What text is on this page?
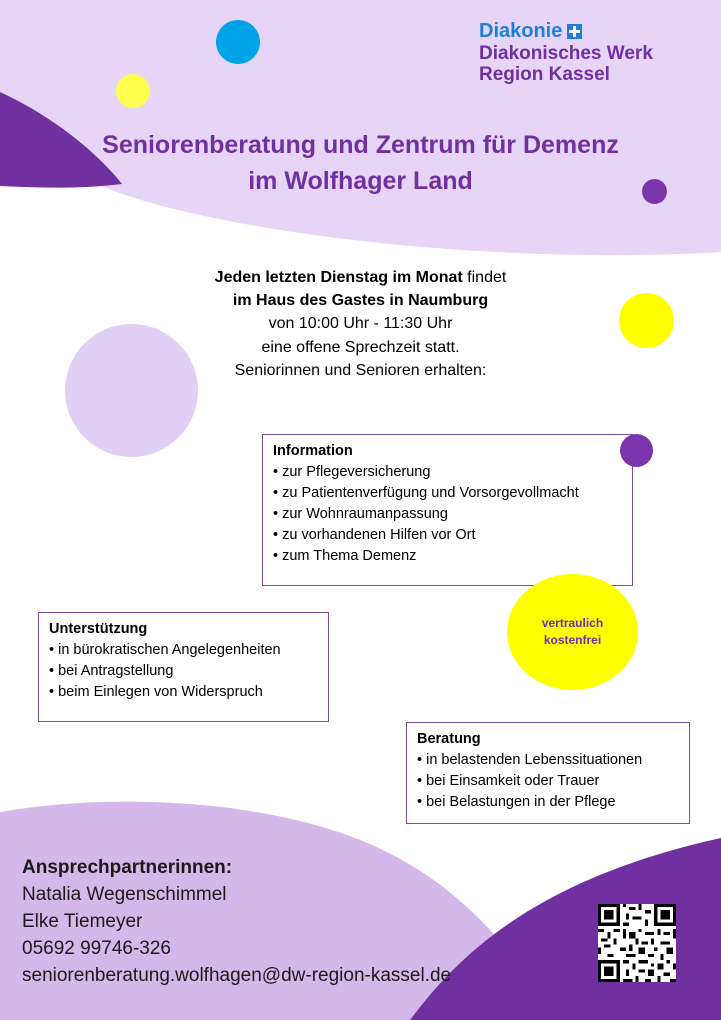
Diakonie
Diakonisches Werk
Region Kassel
Seniorenberatung und Zentrum für Demenz
im Wolfhager Land
Jeden letzten Dienstag im Monat findet
im Haus des Gastes in Naumburg
von 10:00 Uhr - 11:30 Uhr
eine offene Sprechzeit statt.
Seniorinnen und Senioren erhalten:
Information
• zur Pflegeversicherung
• zu Patientenverfügung und Vorsorgevollmacht
• zur Wohnraumanpassung
• zu vorhandenen Hilfen vor Ort
• zum Thema Demenz
Unterstützung
• in bürokratischen Angelegenheiten
• bei Antragstellung
• beim Einlegen von Widerspruch
vertraulich
kostenfrei
Beratung
• in belastenden Lebenssituationen
• bei Einsamkeit oder Trauer
• bei Belastungen in der Pflege
Ansprechpartnerinnen:
Natalia Wegenschimmel
Elke Tiemeyer
05692 99746-326
seniorenberatung.wolfhagen@dw-region-kassel.de
